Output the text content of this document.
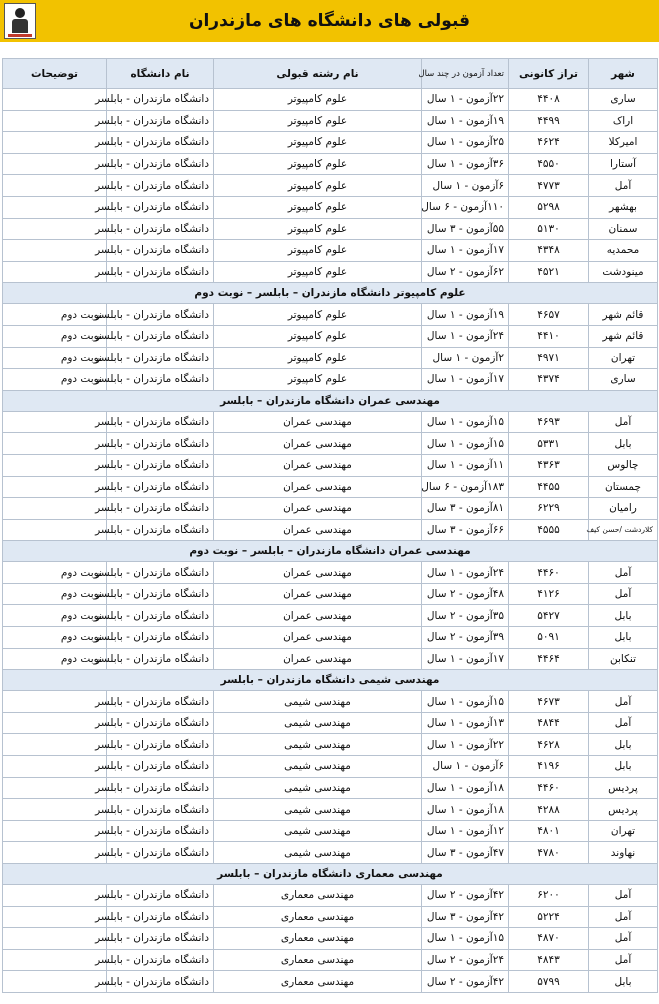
قبولی های دانشگاه های مازندران
شهر	تراز کانونی	تعداد آزمون در چند سال	نام رشته قبولی	نام دانشگاه	توضیحات
ساری	۴۴۰۸	۲۲آزمون - ۱ سال	علوم کامپیوتر	دانشگاه مازندران - بابلسر	
اراک	۴۴۹۹	۱۹آزمون - ۱ سال	علوم کامپیوتر	دانشگاه مازندران - بابلسر	
امیرکلا	۴۶۲۴	۲۵آزمون - ۱ سال	علوم کامپیوتر	دانشگاه مازندران - بابلسر	
آستارا	۴۵۵۰	۳۶آزمون - ۱ سال	علوم کامپیوتر	دانشگاه مازندران - بابلسر	
آمل	۴۷۷۳	۶آزمون - ۱ سال	علوم کامپیوتر	دانشگاه مازندران - بابلسر	
بهشهر	۵۲۹۸	۱۱۰آزمون - ۶ سال	علوم کامپیوتر	دانشگاه مازندران - بابلسر	
سمنان	۵۱۳۰	۵۵آزمون - ۳ سال	علوم کامپیوتر	دانشگاه مازندران - بابلسر	
محمدیه	۴۳۴۸	۱۷آزمون - ۱ سال	علوم کامپیوتر	دانشگاه مازندران - بابلسر	
مینودشت	۴۵۲۱	۶۲آزمون - ۲ سال	علوم کامپیوتر	دانشگاه مازندران - بابلسر	
علوم کامپیوتر دانشگاه مازندران – بابلسر – نوبت دوم					
قائم شهر	۴۶۵۷	۱۹آزمون - ۱ سال	علوم کامپیوتر	دانشگاه مازندران - بابلسر	نوبت دوم
قائم شهر	۴۴۱۰	۲۴آزمون - ۱ سال	علوم کامپیوتر	دانشگاه مازندران - بابلسر	نوبت دوم
تهران	۴۹۷۱	۲آزمون - ۱ سال	علوم کامپیوتر	دانشگاه مازندران - بابلسر	نوبت دوم
ساری	۴۳۷۴	۱۷آزمون - ۱ سال	علوم کامپیوتر	دانشگاه مازندران - بابلسر	نوبت دوم
مهندسی عمران دانشگاه مازندران – بابلسر					
آمل	۴۶۹۳	۱۵آزمون - ۱ سال	مهندسی عمران	دانشگاه مازندران - بابلسر	
بابل	۵۳۳۱	۱۵آزمون - ۱ سال	مهندسی عمران	دانشگاه مازندران - بابلسر	
چالوس	۴۳۶۳	۱۱آزمون - ۱ سال	مهندسی عمران	دانشگاه مازندران - بابلسر	
چمستان	۴۴۵۵	۱۸۳آزمون - ۶ سال	مهندسی عمران	دانشگاه مازندران - بابلسر	
رامیان	۶۲۲۹	۸۱آزمون - ۳ سال	مهندسی عمران	دانشگاه مازندران - بابلسر	
کلاردشت /حسن کیف	۴۵۵۵	۶۶آزمون - ۳ سال	مهندسی عمران	دانشگاه مازندران - بابلسر	
مهندسی عمران دانشگاه مازندران – بابلسر – نوبت دوم					
آمل	۴۴۶۰	۲۴آزمون - ۱ سال	مهندسی عمران	دانشگاه مازندران - بابلسر	نوبت دوم
آمل	۴۱۲۶	۴۸آزمون - ۲ سال	مهندسی عمران	دانشگاه مازندران - بابلسر	نوبت دوم
بابل	۵۴۲۷	۳۵آزمون - ۲ سال	مهندسی عمران	دانشگاه مازندران - بابلسر	نوبت دوم
بابل	۵۰۹۱	۳۹آزمون - ۲ سال	مهندسی عمران	دانشگاه مازندران - بابلسر	نوبت دوم
تنکابن	۴۴۶۴	۱۷آزمون - ۱ سال	مهندسی عمران	دانشگاه مازندران - بابلسر	نوبت دوم
مهندسی شیمی دانشگاه مازندران – بابلسر					
آمل	۴۶۷۳	۱۵آزمون - ۱ سال	مهندسی شیمی	دانشگاه مازندران - بابلسر	
آمل	۴۸۴۴	۱۳آزمون - ۱ سال	مهندسی شیمی	دانشگاه مازندران - بابلسر	
بابل	۴۶۲۸	۲۲آزمون - ۱ سال	مهندسی شیمی	دانشگاه مازندران - بابلسر	
بابل	۴۱۹۶	۶آزمون - ۱ سال	مهندسی شیمی	دانشگاه مازندران - بابلسر	
پردیس	۴۴۶۰	۱۸آزمون - ۱ سال	مهندسی شیمی	دانشگاه مازندران - بابلسر	
پردیس	۴۲۸۸	۱۸آزمون - ۱ سال	مهندسی شیمی	دانشگاه مازندران - بابلسر	
تهران	۴۸۰۱	۱۲آزمون - ۱ سال	مهندسی شیمی	دانشگاه مازندران - بابلسر	
نهاوند	۴۷۸۰	۴۷آزمون - ۳ سال	مهندسی شیمی	دانشگاه مازندران - بابلسر	
مهندسی معماری دانشگاه مازندران – بابلسر					
آمل	۶۲۰۰	۴۲آزمون - ۲ سال	مهندسی معماری	دانشگاه مازندران - بابلسر	
آمل	۵۲۲۴	۴۲آزمون - ۳ سال	مهندسی معماری	دانشگاه مازندران - بابلسر	
آمل	۴۸۷۰	۱۵آزمون - ۱ سال	مهندسی معماری	دانشگاه مازندران - بابلسر	
آمل	۴۸۴۳	۲۴آزمون - ۲ سال	مهندسی معماری	دانشگاه مازندران - بابلسر	
بابل	۵۷۹۹	۴۲آزمون - ۲ سال	مهندسی معماری	دانشگاه مازندران - بابلسر	
